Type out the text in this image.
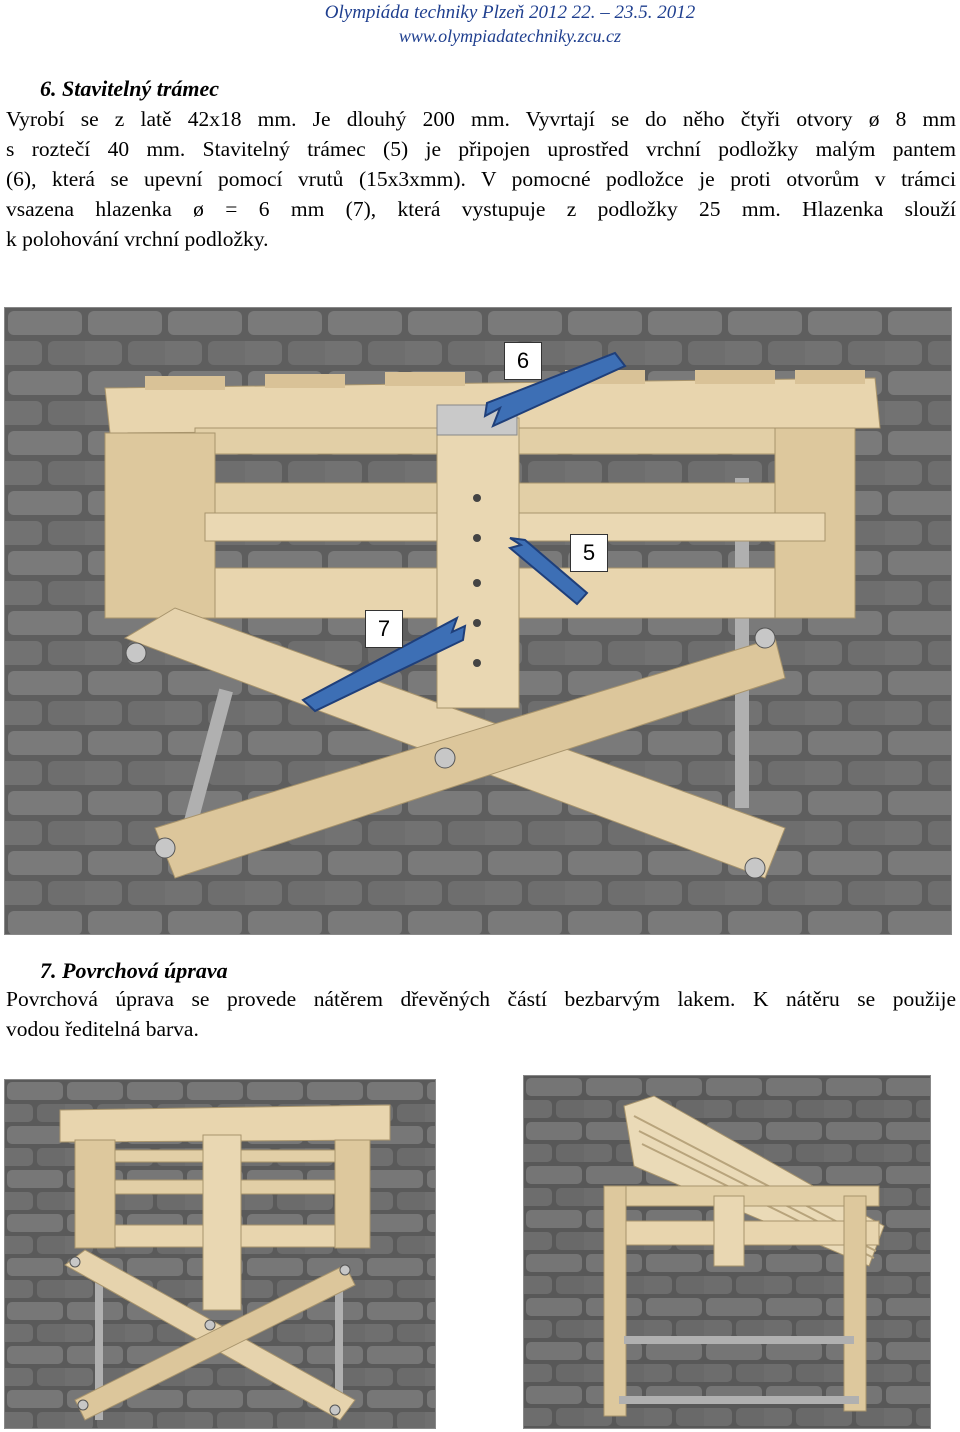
Olympiáda techniky Plzeň 2012 22. – 23.5. 2012
www.olympiadatechniky.zcu.cz
6. Stavitelný trámec
Vyrobí se z latě 42x18 mm. Je dlouhý 200 mm. Vyvrtají se do něho čtyři otvory ø 8 mm
s roztečí 40 mm. Stavitelný trámec (5) je připojen uprostřed vrchní podložky malým pantem
(6), která se upevní pomocí vrutů (15x3xmm). V pomocné podložce je proti otvorům v trámci
vsazena hlazenka ø = 6 mm (7), která vystupuje z podložky 25 mm. Hlazenka slouží
k polohování vrchní podložky.
6
5
7
7. Povrchová úprava
Povrchová úprava se provede nátěrem dřevěných částí bezbarvým lakem. K nátěru se použije
vodou ředitelná barva.
